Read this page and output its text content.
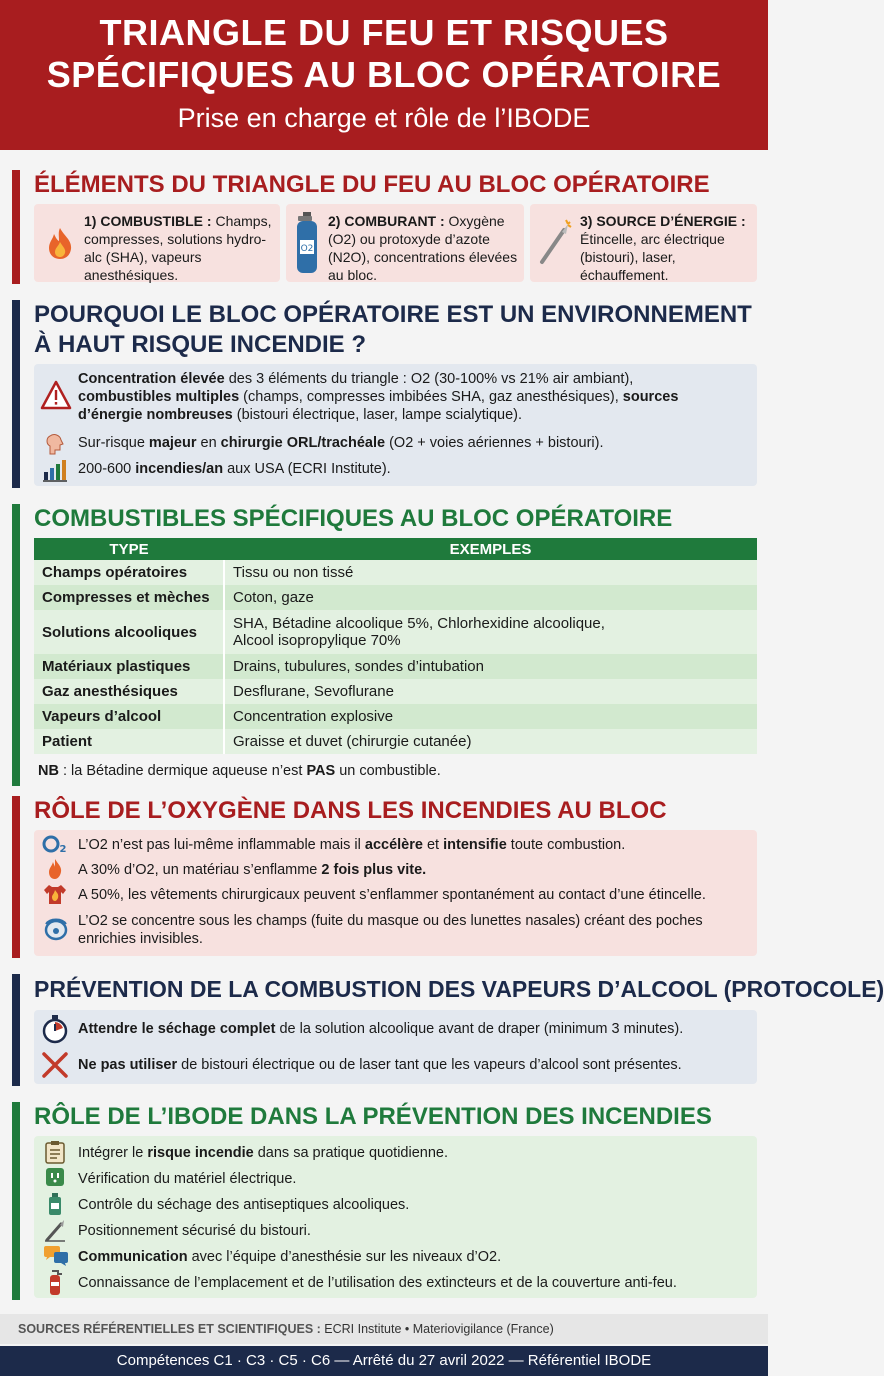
TRIANGLE DU FEU ET RISQUES
SPÉCIFIQUES AU BLOC OPÉRATOIRE
Prise en charge et rôle de l’IBODE
ÉLÉMENTS DU TRIANGLE DU FEU AU BLOC OPÉRATOIRE
1) COMBUSTIBLE : Champs, compresses, solutions hydro-alc (SHA), vapeurs anesthésiques.
O2
2) COMBURANT : Oxygène (O2) ou protoxyde d’azote (N2O), concentrations élevées au bloc.
3) SOURCE D’ÉNERGIE : Étincelle, arc électrique (bistouri), laser, échauffement.
POURQUOI LE BLOC OPÉRATOIRE EST UN ENVIRONNEMENT
À HAUT RISQUE INCENDIE ?
Concentration élevée des 3 éléments du triangle : O2 (30-100% vs 21% air ambiant), combustibles multiples (champs, compresses imbibées SHA, gaz anesthésiques), sources d’énergie nombreuses (bistouri électrique, laser, lampe scialytique).
Sur-risque majeur en chirurgie ORL/trachéale (O2 + voies aériennes + bistouri).
200-600 incendies/an aux USA (ECRI Institute).
COMBUSTIBLES SPÉCIFIQUES AU BLOC OPÉRATOIRE
TYPE	EXEMPLES
Champs opératoires	Tissu ou non tissé
Compresses et mèches	Coton, gaze
Solutions alcooliques	SHA, Bétadine alcoolique 5%, Chlorhexidine alcoolique,
Alcool isopropylique 70%

Matériaux plastiques	Drains, tubulures, sondes d’intubation
Gaz anesthésiques	Desflurane, Sevoflurane
Vapeurs d’alcool	Concentration explosive
Patient	Graisse et duvet (chirurgie cutanée)
NB : la Bétadine dermique aqueuse n’est PAS un combustible.
RÔLE DE L’OXYGÈNE DANS LES INCENDIES AU BLOC
2 L’O2 n’est pas lui-même inflammable mais il accélère et intensifie toute combustion.
A 30% d’O2, un matériau s’enflamme 2 fois plus vite.
A 50%, les vêtements chirurgicaux peuvent s’enflammer spontanément au contact d’une étincelle.
L’O2 se concentre sous les champs (fuite du masque ou des lunettes nasales) créant des poches enrichies invisibles.
PRÉVENTION DE LA COMBUSTION DES VAPEURS D’ALCOOL (PROTOCOLE)
Attendre le séchage complet de la solution alcoolique avant de draper (minimum 3 minutes).
Ne pas utiliser de bistouri électrique ou de laser tant que les vapeurs d’alcool sont présentes.
RÔLE DE L’IBODE DANS LA PRÉVENTION DES INCENDIES
Intégrer le risque incendie dans sa pratique quotidienne.
Vérification du matériel électrique.
Contrôle du séchage des antiseptiques alcooliques.
Positionnement sécurisé du bistouri.
Communication avec l’équipe d’anesthésie sur les niveaux d’O2.
Connaissance de l’emplacement et de l’utilisation des extincteurs et de la couverture anti-feu.
SOURCES RÉFÉRENTIELLES ET SCIENTIFIQUES : ECRI Institute • Materiovigilance (France)
Compétences C1 · C3 · C5 · C6 — Arrêté du 27 avril 2022 — Référentiel IBODE
